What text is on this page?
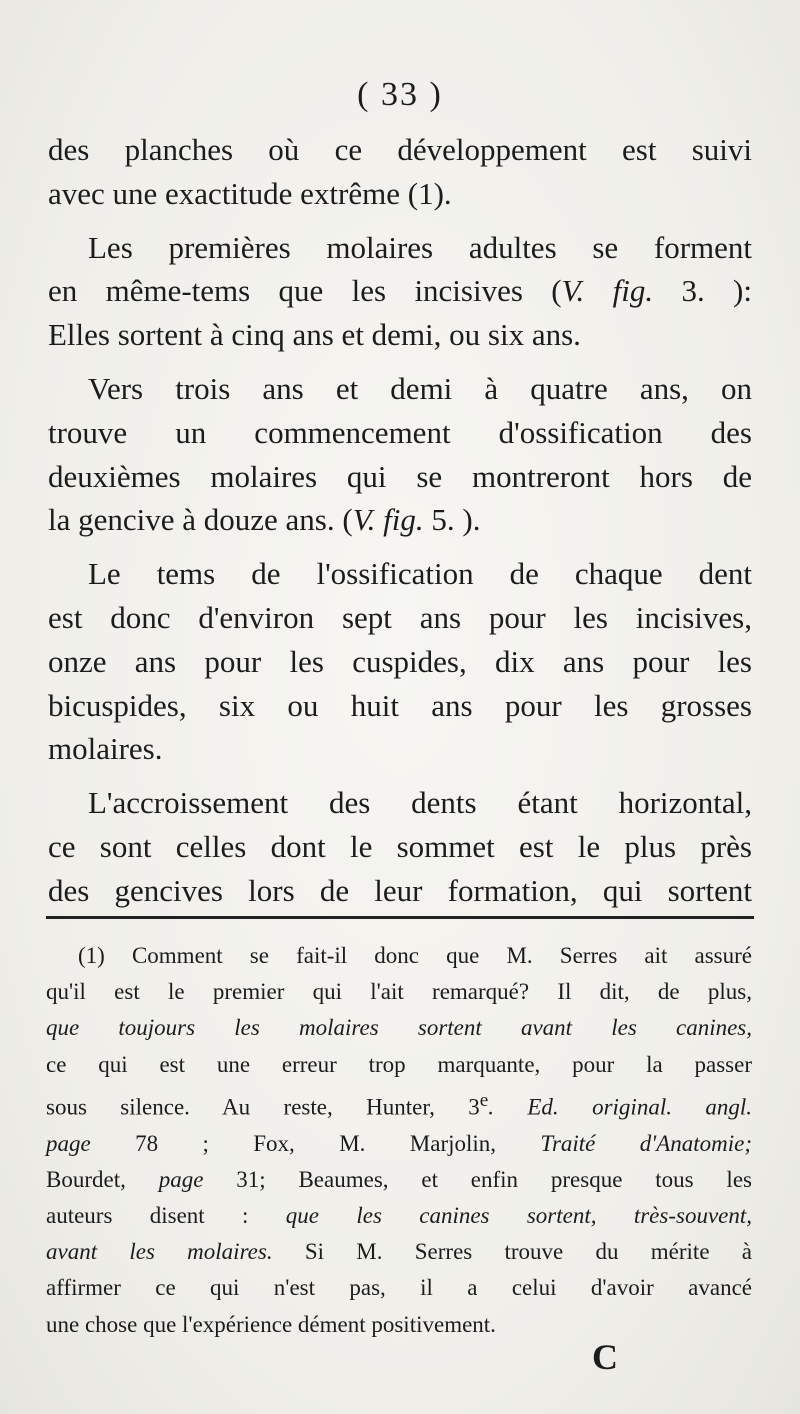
( 33 )
des planches où ce développement est suivi
avec une exactitude extrême (1).
Les premières molaires adultes se forment
en même-tems que les incisives (V. fig. 3. ):
Elles sortent à cinq ans et demi, ou six ans.
Vers trois ans et demi à quatre ans, on
trouve un commencement d'ossification des
deuxièmes molaires qui se montreront hors de
la gencive à douze ans. (V. fig. 5. ).
Le tems de l'ossification de chaque dent
est donc d'environ sept ans pour les incisives,
onze ans pour les cuspides, dix ans pour les
bicuspides, six ou huit ans pour les grosses
molaires.
L'accroissement des dents étant horizontal,
ce sont celles dont le sommet est le plus près
des gencives lors de leur formation, qui sortent
(1) Comment se fait-il donc que M. Serres ait assuré
qu'il est le premier qui l'ait remarqué? Il dit, de plus,
que toujours les molaires sortent avant les canines,
ce qui est une erreur trop marquante, pour la passer
sous silence. Au reste, Hunter, 3e. Ed. original. angl.
page 78 ; Fox, M. Marjolin, Traité d'Anatomie;
Bourdet, page 31; Beaumes, et enfin presque tous les
auteurs disent : que les canines sortent, très-souvent,
avant les molaires. Si M. Serres trouve du mérite à
affirmer ce qui n'est pas, il a celui d'avoir avancé
une chose que l'expérience dément positivement.
C
